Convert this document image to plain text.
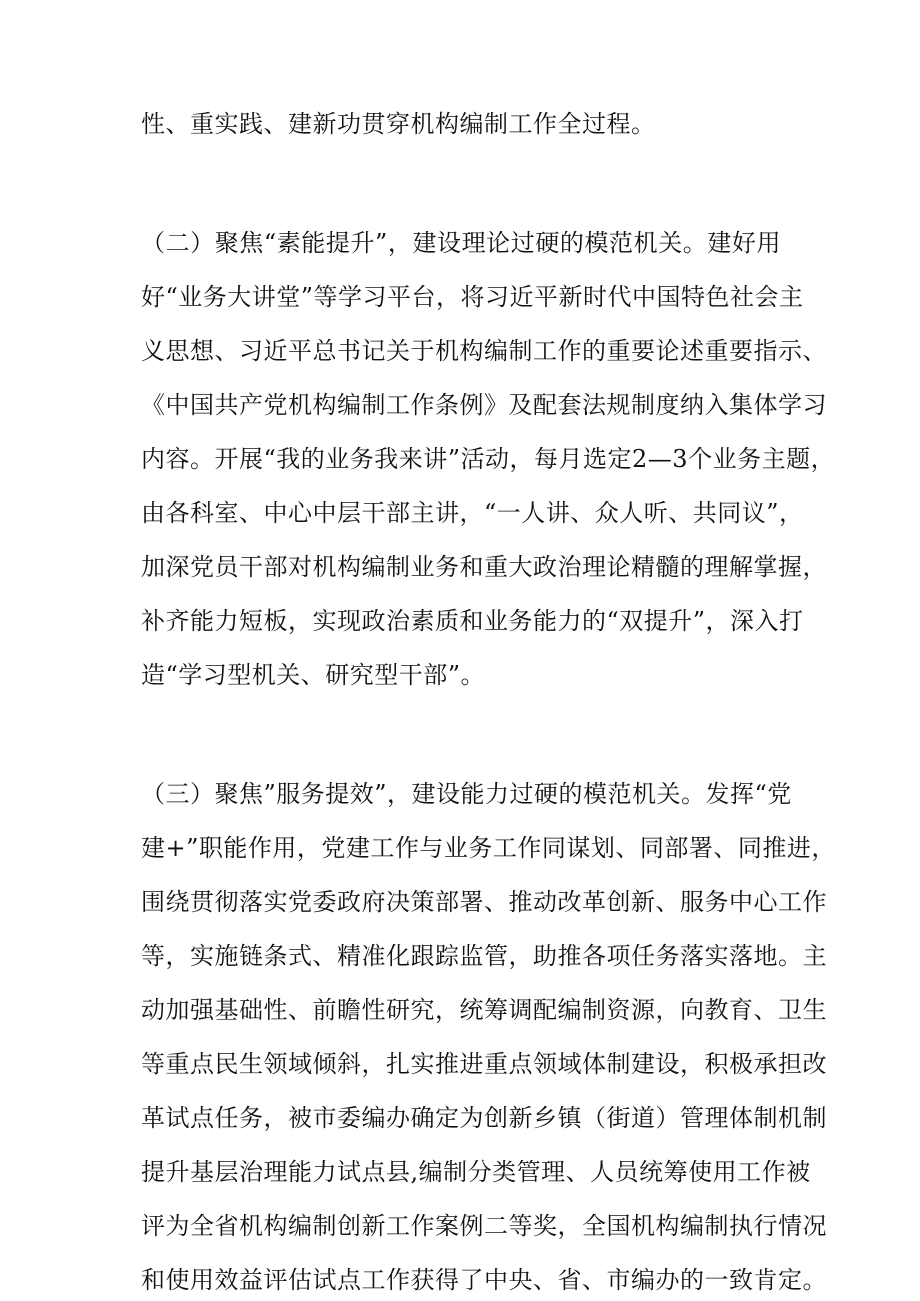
性、重实践、建新功贯穿机构编制工作全过程。
（二）聚焦“素能提升”，建设理论过硬的模范机关。建好用
好“业务大讲堂”等学习平台，将习近平新时代中国特色社会主
义思想、习近平总书记关于机构编制工作的重要论述重要指示、
《中国共产党机构编制工作条例》及配套法规制度纳入集体学习
内容。开展“我的业务我来讲”活动，每月选定2—3个业务主题，
由各科室、中心中层干部主讲，“一人讲、众人听、共同议”，
加深党员干部对机构编制业务和重大政治理论精髓的理解掌握，
补齐能力短板，实现政治素质和业务能力的“双提升”，深入打
造“学习型机关、研究型干部”。
（三）聚焦”服务提效”，建设能力过硬的模范机关。发挥“党
建+”职能作用，党建工作与业务工作同谋划、同部署、同推进，
围绕贯彻落实党委政府决策部署、推动改革创新、服务中心工作
等，实施链条式、精准化跟踪监管，助推各项任务落实落地。主
动加强基础性、前瞻性研究，统筹调配编制资源，向教育、卫生
等重点民生领域倾斜，扎实推进重点领域体制建设，积极承担改
革试点任务，被市委编办确定为创新乡镇（街道）管理体制机制
提升基层治理能力试点县,编制分类管理、人员统筹使用工作被
评为全省机构编制创新工作案例二等奖，全国机构编制执行情况
和使用效益评估试点工作获得了中央、省、市编办的一致肯定。
